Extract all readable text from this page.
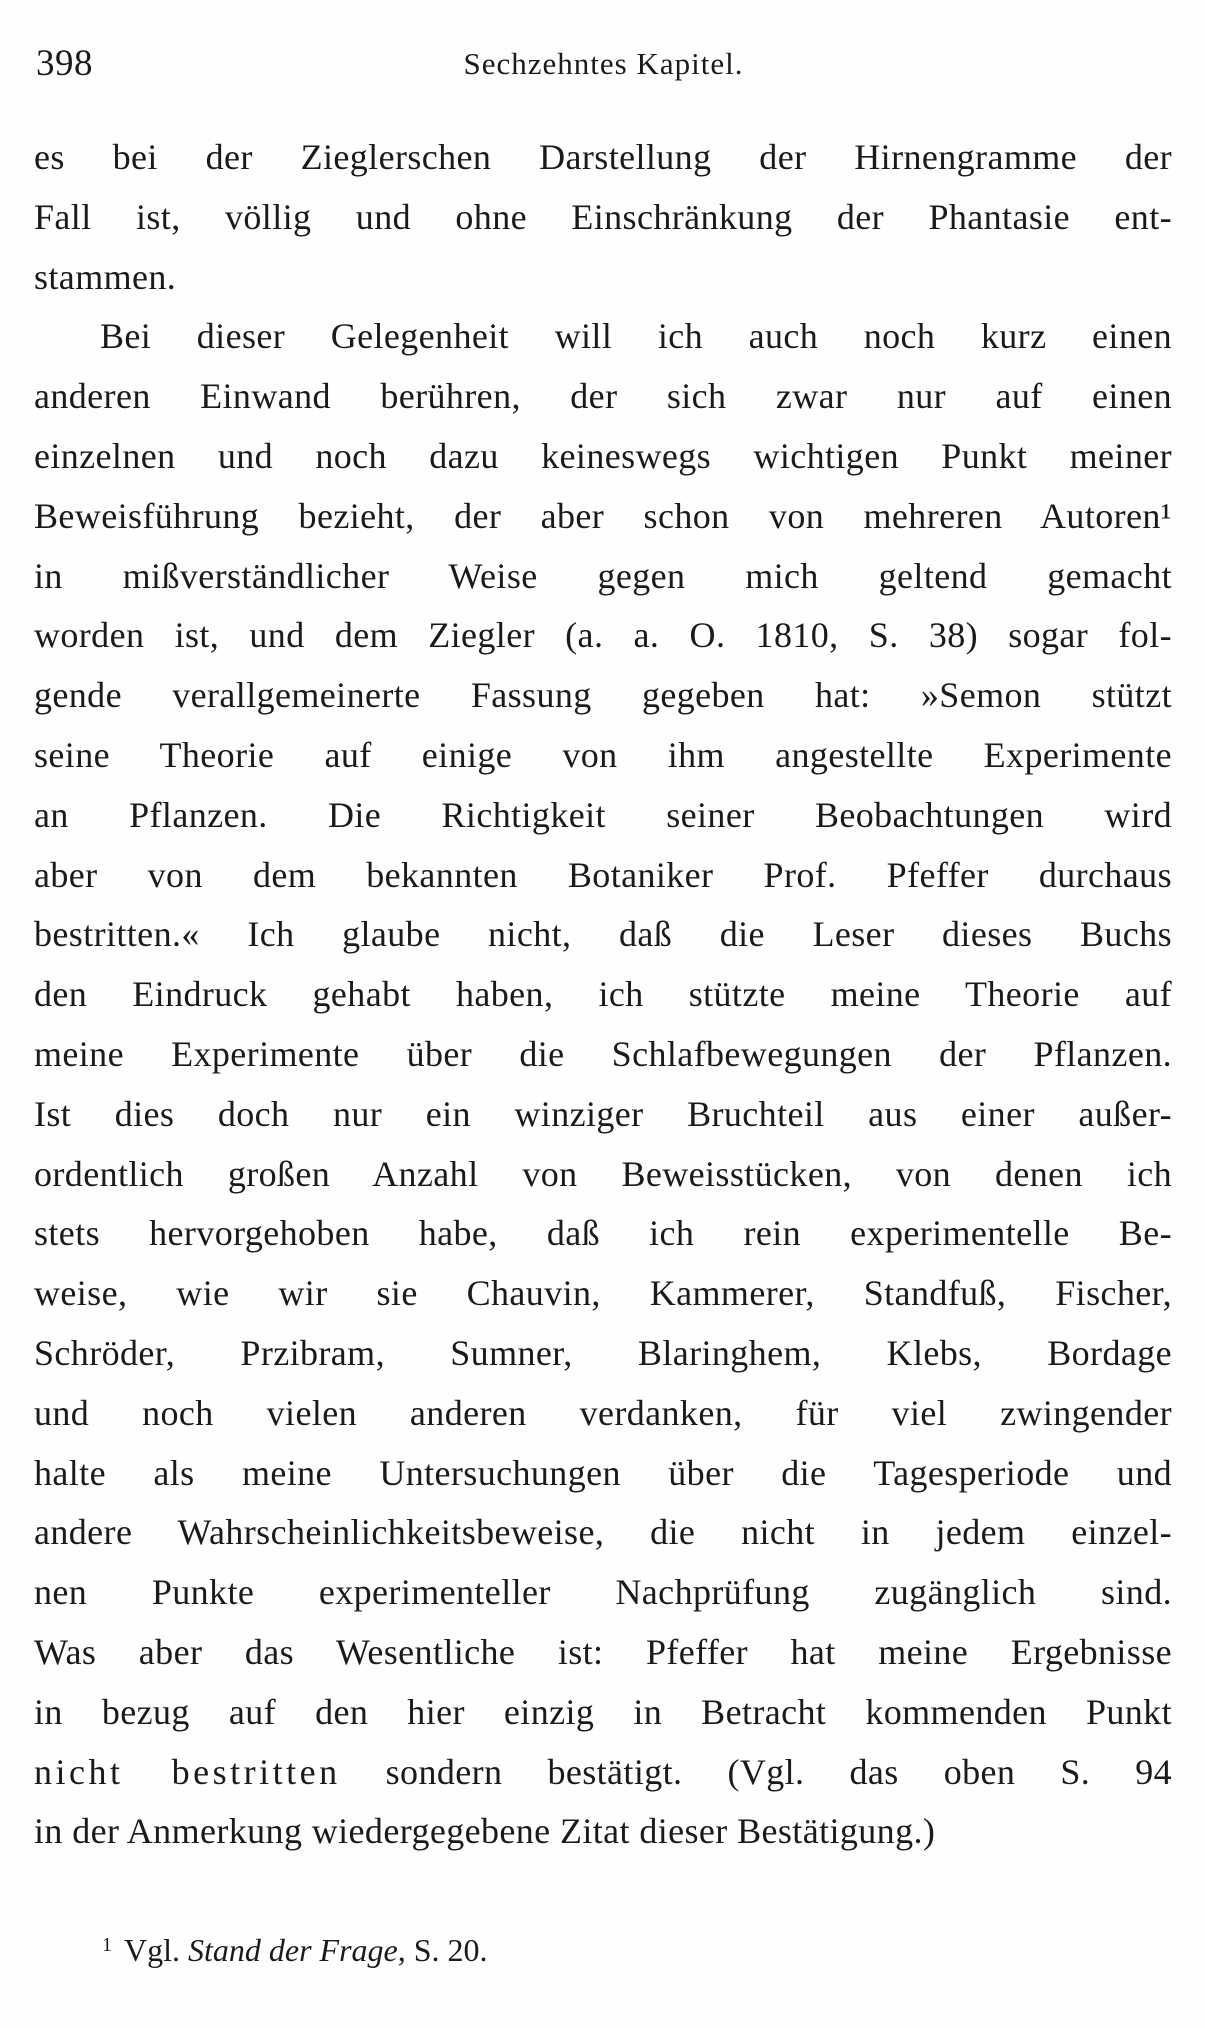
398	Sechzehntes Kapitel.
es bei der Zieglerschen Darstellung der Hirnengramme der
Fall ist, völlig und ohne Einschränkung der Phantasie ent-
stammen.
Bei dieser Gelegenheit will ich auch noch kurz einen
anderen Einwand berühren, der sich zwar nur auf einen
einzelnen und noch dazu keineswegs wichtigen Punkt meiner
Beweisführung bezieht, der aber schon von mehreren Autoren¹
in mißverständlicher Weise gegen mich geltend gemacht
worden ist, und dem Ziegler (a. a. O. 1810, S. 38) sogar fol-
gende verallgemeinerte Fassung gegeben hat: »Semon stützt
seine Theorie auf einige von ihm angestellte Experimente
an Pflanzen. Die Richtigkeit seiner Beobachtungen wird
aber von dem bekannten Botaniker Prof. Pfeffer durchaus
bestritten.« Ich glaube nicht, daß die Leser dieses Buchs
den Eindruck gehabt haben, ich stützte meine Theorie auf
meine Experimente über die Schlafbewegungen der Pflanzen.
Ist dies doch nur ein winziger Bruchteil aus einer außer-
ordentlich großen Anzahl von Beweisstücken, von denen ich
stets hervorgehoben habe, daß ich rein experimentelle Be-
weise, wie wir sie Chauvin, Kammerer, Standfuß, Fischer,
Schröder, Przibram, Sumner, Blaringhem, Klebs, Bordage
und noch vielen anderen verdanken, für viel zwingender
halte als meine Untersuchungen über die Tagesperiode und
andere Wahrscheinlichkeitsbeweise, die nicht in jedem einzel-
nen Punkte experimenteller Nachprüfung zugänglich sind.
Was aber das Wesentliche ist: Pfeffer hat meine Ergebnisse
in bezug auf den hier einzig in Betracht kommenden Punkt
nicht bestritten sondern bestätigt. (Vgl. das oben S. 94
in der Anmerkung wiedergegebene Zitat dieser Bestätigung.)
$^1$ Vgl. Stand der Frage, S. 20.
